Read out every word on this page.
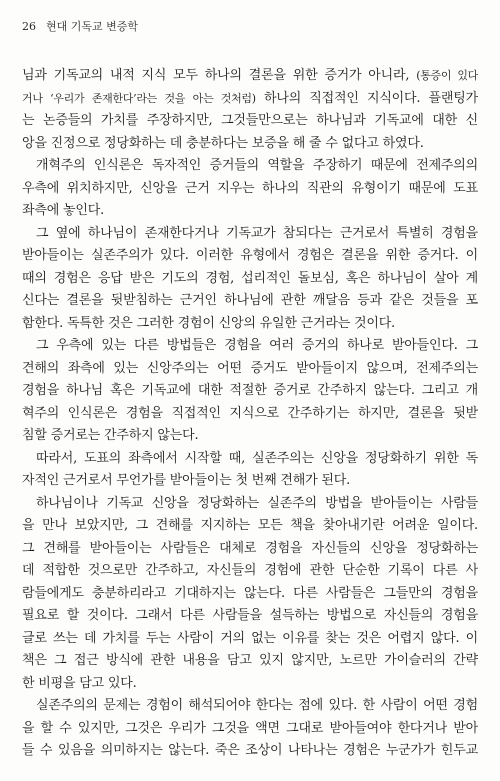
26 현대 기독교 변증학
님과 기독교의 내적 지식 모두 하나의 결론을 위한 증거가 아니라, (통증이 있다
거나 ‘우리가 존재한다’라는 것을 아는 것처럼) 하나의 직접적인 지식이다. 플랜팅가
는 논증들의 가치를 주장하지만, 그것들만으로는 하나님과 기독교에 대한 신
앙을 진정으로 정당화하는 데 충분하다는 보증을 해 줄 수 없다고 하였다.
개혁주의 인식론은 독자적인 증거들의 역할을 주장하기 때문에 전제주의의
우측에 위치하지만, 신앙을 근거 지우는 하나의 직관의 유형이기 때문에 도표
좌측에 놓인다.
그 옆에 하나님이 존재한다거나 기독교가 참되다는 근거로서 특별히 경험을
받아들이는 실존주의가 있다. 이러한 유형에서 경험은 결론을 위한 증거다. 이
때의 경험은 응답 받은 기도의 경험, 섭리적인 돌보심, 혹은 하나님이 살아 계
신다는 결론을 뒷받침하는 근거인 하나님에 관한 깨달음 등과 같은 것들을 포
함한다. 독특한 것은 그러한 경험이 신앙의 유일한 근거라는 것이다.
그 우측에 있는 다른 방법들은 경험을 여러 증거의 하나로 받아들인다. 그
견해의 좌측에 있는 신앙주의는 어떤 증거도 받아들이지 않으며, 전제주의는
경험을 하나님 혹은 기독교에 대한 적절한 증거로 간주하지 않는다. 그리고 개
혁주의 인식론은 경험을 직접적인 지식으로 간주하기는 하지만, 결론을 뒷받
침할 증거로는 간주하지 않는다.
따라서, 도표의 좌측에서 시작할 때, 실존주의는 신앙을 정당화하기 위한 독
자적인 근거로서 무언가를 받아들이는 첫 번째 견해가 된다.
하나님이나 기독교 신앙을 정당화하는 실존주의 방법을 받아들이는 사람들
을 만나 보았지만, 그 견해를 지지하는 모든 책을 찾아내기란 어려운 일이다.
그 견해를 받아들이는 사람들은 대체로 경험을 자신들의 신앙을 정당화하는
데 적합한 것으로만 간주하고, 자신들의 경험에 관한 단순한 기록이 다른 사
람들에게도 충분하리라고 기대하지는 않는다. 다른 사람들은 그들만의 경험을
필요로 할 것이다. 그래서 다른 사람들을 설득하는 방법으로 자신들의 경험을
글로 쓰는 데 가치를 두는 사람이 거의 없는 이유를 찾는 것은 어렵지 않다. 이
책은 그 접근 방식에 관한 내용을 담고 있지 않지만, 노르만 가이슬러의 간략
한 비평을 담고 있다.
실존주의의 문제는 경험이 해석되어야 한다는 점에 있다. 한 사람이 어떤 경험
을 할 수 있지만, 그것은 우리가 그것을 액면 그대로 받아들여야 한다거나 받아
들 수 있음을 의미하지는 않는다. 죽은 조상이 나타나는 경험은 누군가가 힌두교
